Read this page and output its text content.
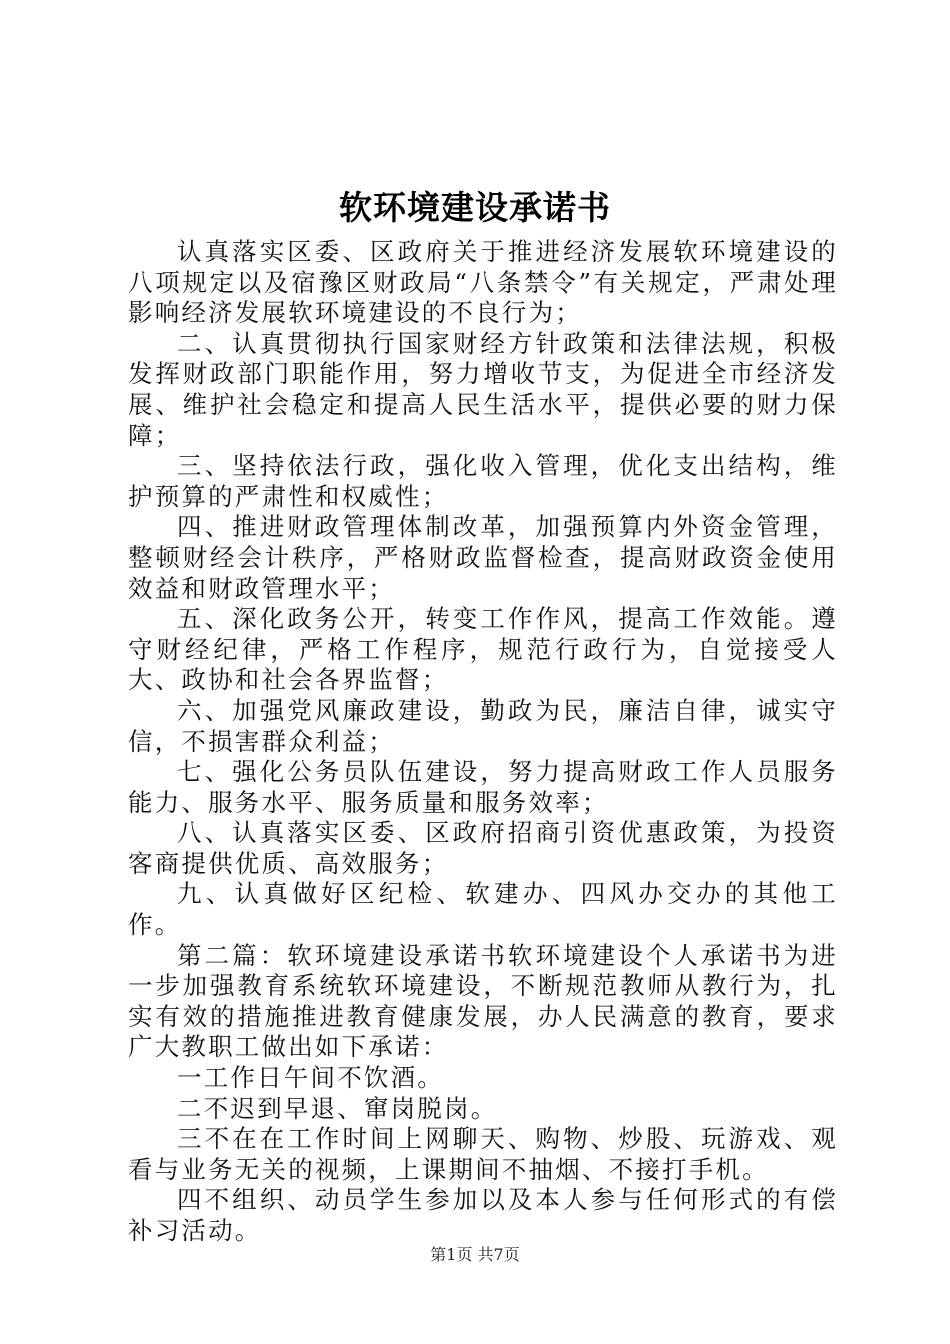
软环境建设承诺书

认真落实区委、区政府关于推进经济发展软环境建设的八项规定以及宿豫区财政局“八条禁令”有关规定，严肃处理影响经济发展软环境建设的不良行为；

二、认真贯彻执行国家财经方针政策和法律法规，积极发挥财政部门职能作用，努力增收节支，为促进全市经济发展、维护社会稳定和提高人民生活水平，提供必要的财力保障；

三、坚持依法行政，强化收入管理，优化支出结构，维护预算的严肃性和权威性；

四、推进财政管理体制改革，加强预算内外资金管理，整顿财经会计秩序，严格财政监督检查，提高财政资金使用效益和财政管理水平；

五、深化政务公开，转变工作作风，提高工作效能。遵守财经纪律，严格工作程序，规范行政行为，自觉接受人大、政协和社会各界监督；

六、加强党风廉政建设，勤政为民，廉洁自律，诚实守信，不损害群众利益；

七、强化公务员队伍建设，努力提高财政工作人员服务能力、服务水平、服务质量和服务效率；

八、认真落实区委、区政府招商引资优惠政策，为投资客商提供优质、高效服务；

九、认真做好区纪检、软建办、四风办交办的其他工作。

第二篇：软环境建设承诺书软环境建设个人承诺书为进一步加强教育系统软环境建设，不断规范教师从教行为，扎实有效的措施推进教育健康发展，办人民满意的教育，要求广大教职工做出如下承诺：

一工作日午间不饮酒。

二不迟到早退、窜岗脱岗。

三不在在工作时间上网聊天、购物、炒股、玩游戏、观看与业务无关的视频，上课期间不抽烟、不接打手机。

四不组织、动员学生参加以及本人参与任何形式的有偿补习活动。

第1页 共7页
